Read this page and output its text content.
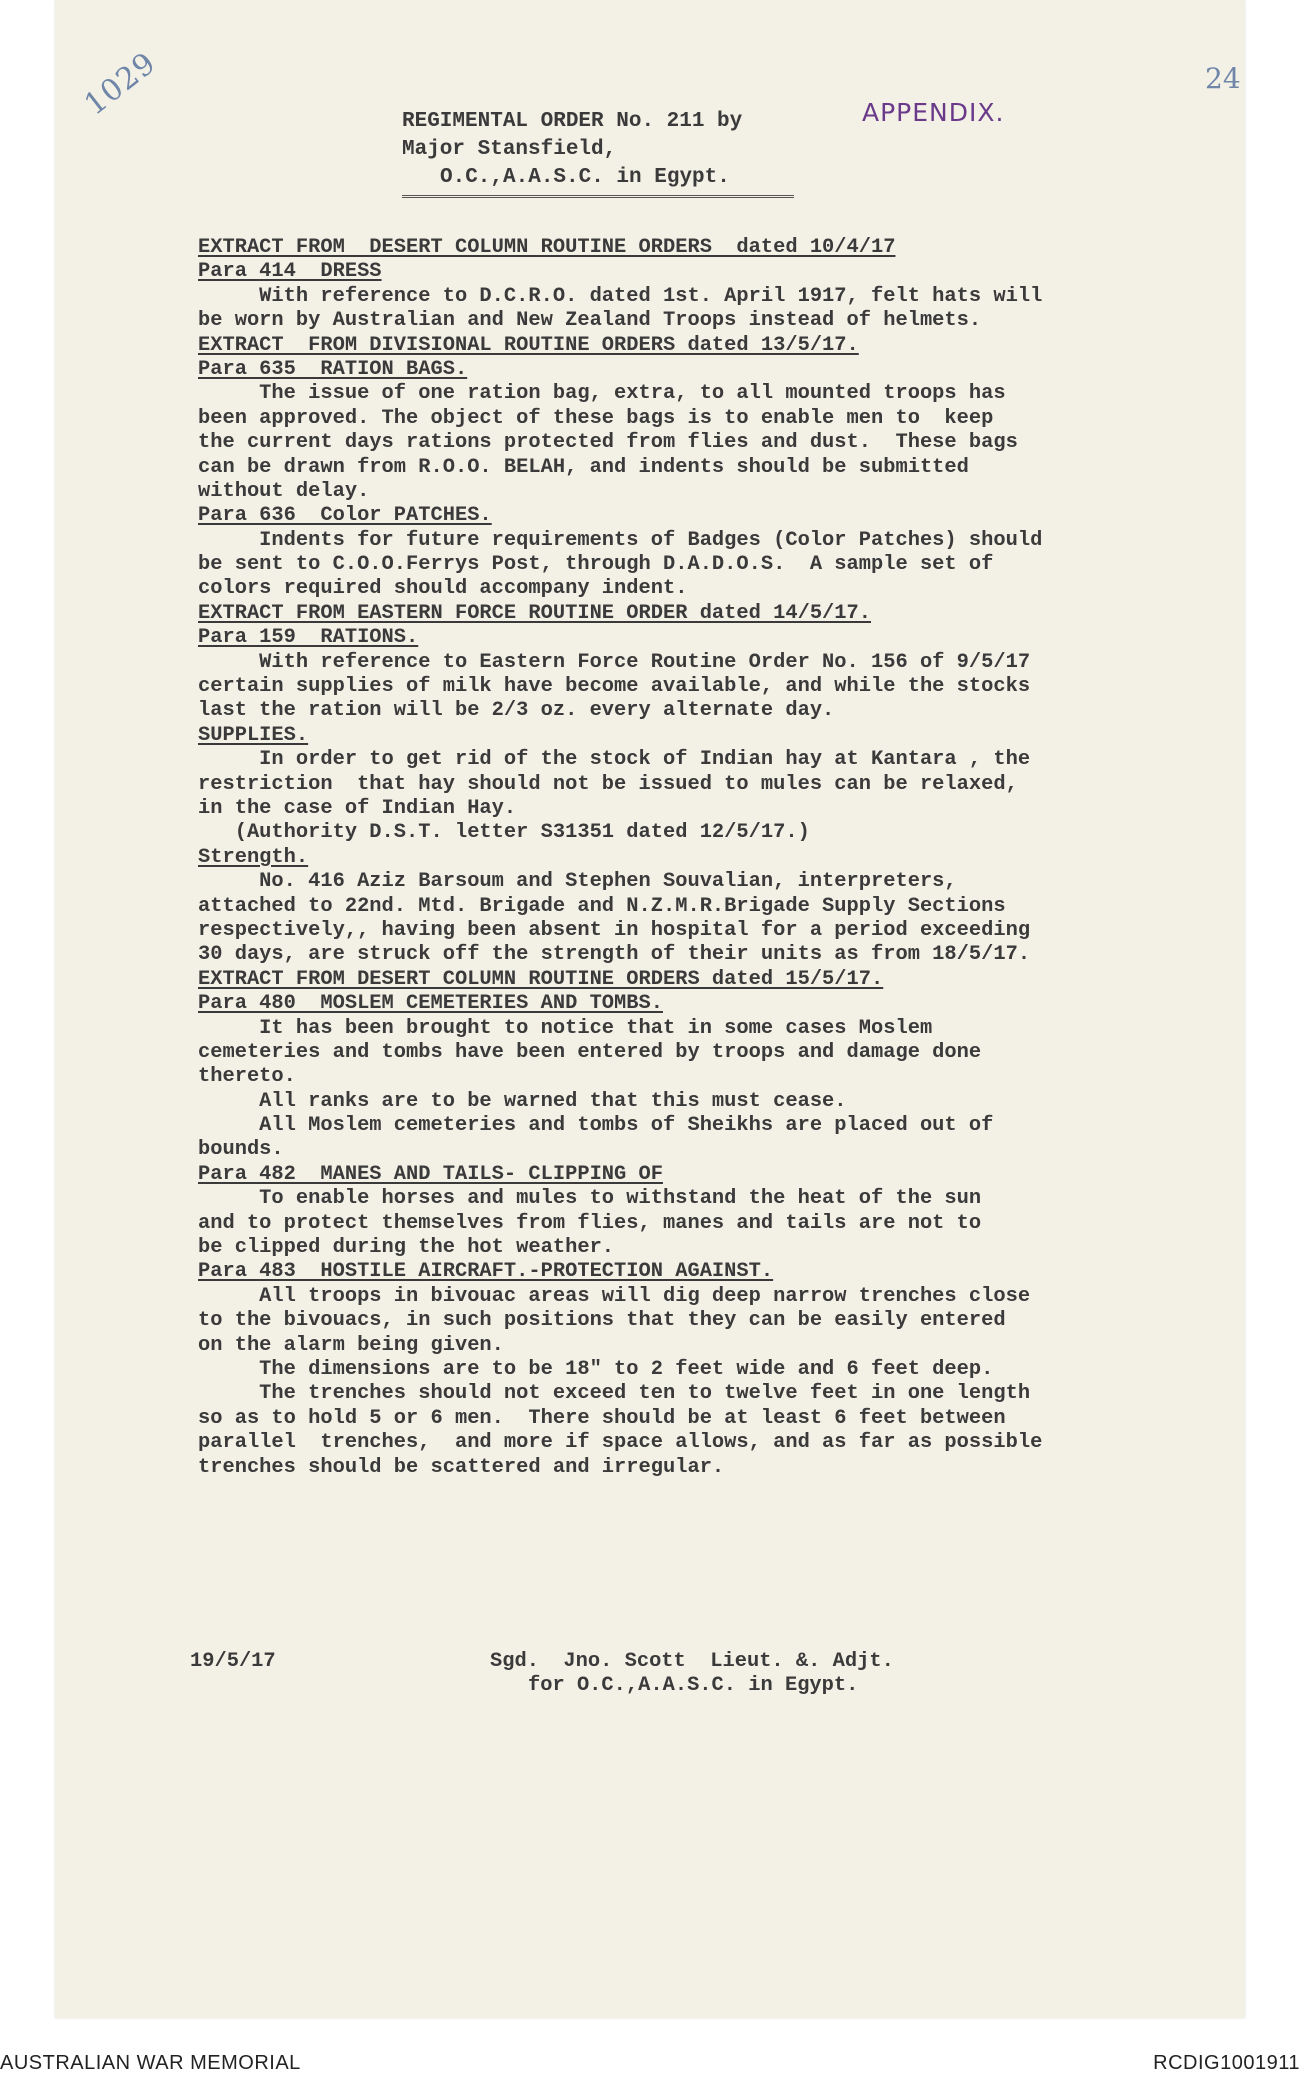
1029	24
APPENDIX.
REGIMENTAL ORDER No. 211 by
Major Stansfield,
O.C.,A.A.S.C. in Egypt.
EXTRACT FROM  DESERT COLUMN ROUTINE ORDERS  dated 10/4/17
Para 414  DRESS
With reference to D.C.R.O. dated 1st. April 1917, felt hats will
be worn by Australian and New Zealand Troops instead of helmets.
EXTRACT  FROM DIVISIONAL ROUTINE ORDERS dated 13/5/17.
Para 635  RATION BAGS.
The issue of one ration bag, extra, to all mounted troops has
been approved. The object of these bags is to enable men to  keep
the current days rations protected from flies and dust.  These bags
can be drawn from R.O.O. BELAH, and indents should be submitted
without delay.
Para 636  Color PATCHES.
Indents for future requirements of Badges (Color Patches) should
be sent to C.O.O.Ferrys Post, through D.A.D.O.S.  A sample set of
colors required should accompany indent.
EXTRACT FROM EASTERN FORCE ROUTINE ORDER dated 14/5/17.
Para 159  RATIONS.
With reference to Eastern Force Routine Order No. 156 of 9/5/17
certain supplies of milk have become available, and while the stocks
last the ration will be 2/3 oz. every alternate day.
SUPPLIES.
In order to get rid of the stock of Indian hay at Kantara , the
restriction  that hay should not be issued to mules can be relaxed,
in the case of Indian Hay.
(Authority D.S.T. letter S31351 dated 12/5/17.)
Strength.
No. 416 Aziz Barsoum and Stephen Souvalian, interpreters,
attached to 22nd. Mtd. Brigade and N.Z.M.R.Brigade Supply Sections
respectively,, having been absent in hospital for a period exceeding
30 days, are struck off the strength of their units as from 18/5/17.
EXTRACT FROM DESERT COLUMN ROUTINE ORDERS dated 15/5/17.
Para 480  MOSLEM CEMETERIES AND TOMBS.
It has been brought to notice that in some cases Moslem
cemeteries and tombs have been entered by troops and damage done
thereto.
All ranks are to be warned that this must cease.
All Moslem cemeteries and tombs of Sheikhs are placed out of
bounds.
Para 482  MANES AND TAILS- CLIPPING OF
To enable horses and mules to withstand the heat of the sun
and to protect themselves from flies, manes and tails are not to
be clipped during the hot weather.
Para 483  HOSTILE AIRCRAFT.-PROTECTION AGAINST.
All troops in bivouac areas will dig deep narrow trenches close
to the bivouacs, in such positions that they can be easily entered
on the alarm being given.
The dimensions are to be 18" to 2 feet wide and 6 feet deep.
The trenches should not exceed ten to twelve feet in one length
so as to hold 5 or 6 men.  There should be at least 6 feet between
parallel  trenches,  and more if space allows, and as far as possible
trenches should be scattered and irregular.
19/5/17	Sgd.  Jno. Scott  Lieut. &. Adjt.
for O.C.,A.A.S.C. in Egypt.
AUSTRALIAN WAR MEMORIAL	RCDIG1001911
